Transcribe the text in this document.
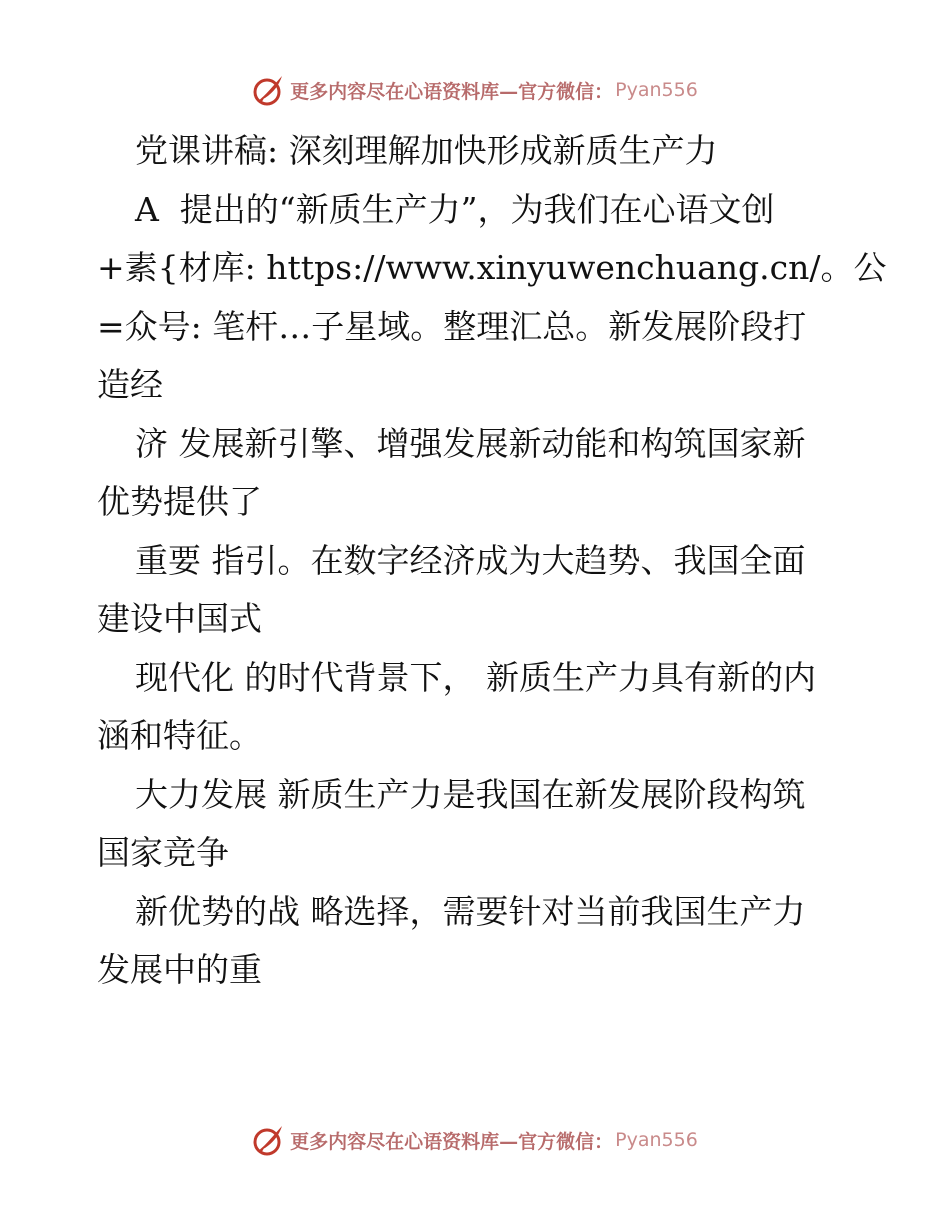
更多内容尽在心语资料库—官方微信： Pyan556
党课讲稿: 深刻理解加快形成新质生产力
A  提出的“新质生产力”，为我们在心语文创
+素{材库: https://www.xinyuwenchuang.cn/。公
=众号: 笔杆…子星域。整理汇总。新发展阶段打
造经
济 发展新引擎、增强发展新动能和构筑国家新
优势提供了
重要 指引。在数字经济成为大趋势、我国全面
建设中国式
现代化 的时代背景下， 新质生产力具有新的内
涵和特征。
大力发展 新质生产力是我国在新发展阶段构筑
国家竞争
新优势的战 略选择，需要针对当前我国生产力
发展中的重
更多内容尽在心语资料库—官方微信： Pyan556
